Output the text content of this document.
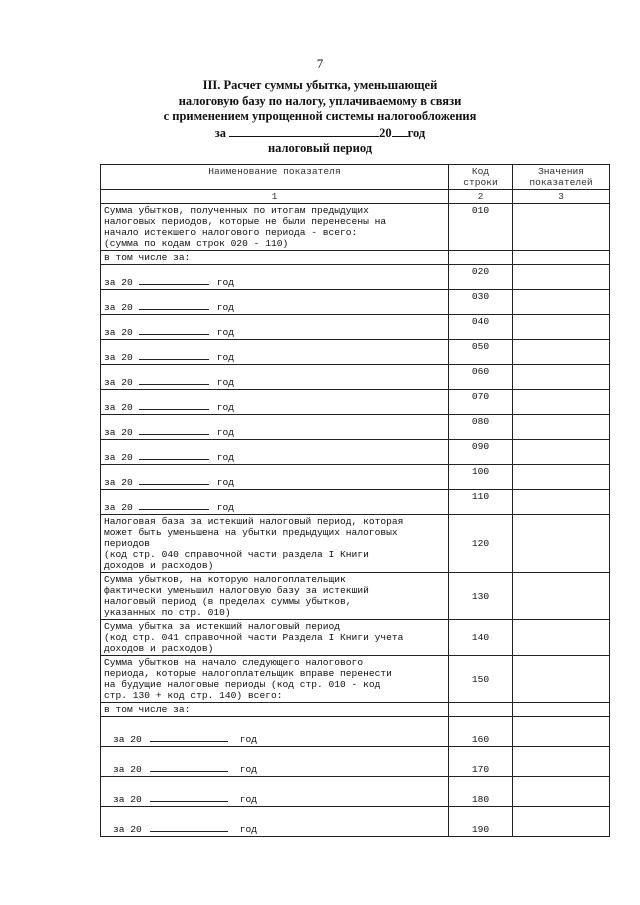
7
III. Расчет суммы убытка, уменьшающей
налоговую базу по налогу, уплачиваемому в связи
с применением упрощенной системы налогообложения
за	20 год
налоговый период
Наименование показателя	Код строки	Значения показателей
1	2	3

Сумма убытков, полученных по итогам предыдущих
налоговых периодов, которые не были перенесены на
начало истекшего налогового периода - всего:
(сумма по кодам строк 020 - 110)	010	
в том числе за:		
за 20 год	020	
за 20 год	030	
за 20 год	040	
за 20 год	050	
за 20 год	060	
за 20 год	070	
за 20 год	080	
за 20 год	090	
за 20 год	100	
за 20 год	110	

Налоговая база за истекший налоговый период, которая
может быть уменьшена на убытки предыдущих налоговых
периодов
(код стр. 040 справочной части раздела I Книги
доходов и расходов)	120	

Сумма убытков, на которую налогоплательщик
фактически уменьшил налоговую базу за истекший
налоговый период (в пределах суммы убытков,
указанных по стр. 010)	130	

Сумма убытка за истекший налоговый период
(код стр. 041 справочной части Раздела I Книги учета
доходов и расходов)	140	

Сумма убытков на начало следующего налогового
периода, которые налогоплательщик вправе перенести
на будущие налоговые периоды (код стр. 010 - код
стр. 130 + код стр. 140) всего:	150	
в том числе за:		
за 20 год	160	
за 20 год	170	
за 20 год	180	
за 20 год	190	
